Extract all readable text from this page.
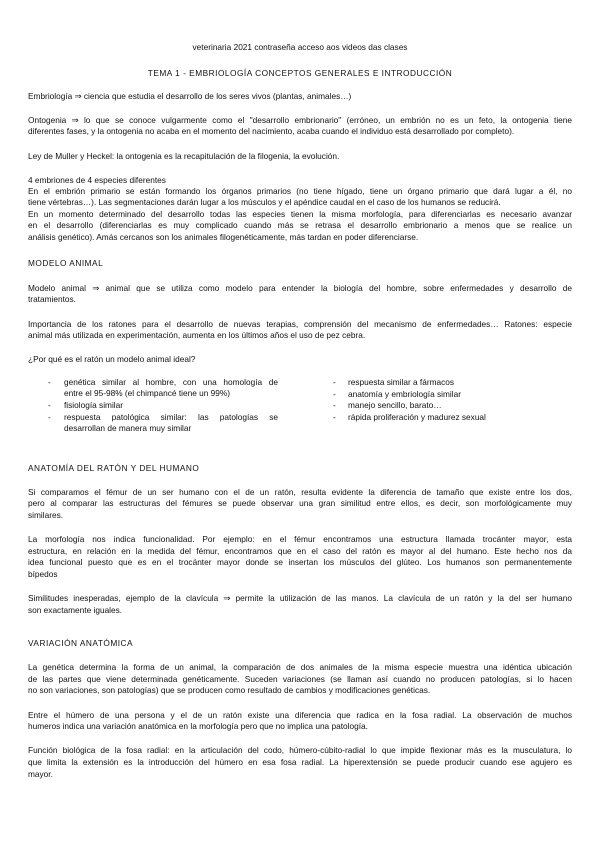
veterinaria 2021 contraseña acceso aos videos das clases
TEMA 1 - EMBRIOLOGÍA CONCEPTOS GENERALES E INTRODUCCIÓN
Embriología ⇒ ciencia que estudia el desarrollo de los seres vivos (plantas, animales…)
Ontogenia ⇒ lo que se conoce vulgarmente como el "desarrollo embrionario" (erróneo, un embrión no es un feto, la ontogenia tiene
diferentes fases, y la ontogenia no acaba en el momento del nacimiento, acaba cuando el individuo está desarrollado por completo).
Ley de Muller y Heckel: la ontogenia es la recapitulación de la filogenia, la evolución.
4 embriones de 4 especies diferentes
En el embrión primario se están formando los órganos primarios (no tiene hígado, tiene un órgano primario que dará lugar a él, no
tiene vértebras…). Las segmentaciones darán lugar a los músculos y el apéndice caudal en el caso de los humanos se reducirá.
En un momento determinado del desarrollo todas las especies tienen la misma morfología, para diferenciarlas es necesario avanzar
en el desarrollo (diferenciarlas es muy complicado cuando más se retrasa el desarrollo embrionario a menos que se realice un
análisis genético). Amás cercanos son los animales filogenéticamente, más tardan en poder diferenciarse.
MODELO ANIMAL
Modelo animal ⇒ animal que se utiliza como modelo para entender la biología del hombre, sobre enfermedades y desarrollo de
tratamientos.
Importancia de los ratones para el desarrollo de nuevas terapias, comprensión del mecanismo de enfermedades… Ratones: especie
animal más utilizada en experimentación, aumenta en los últimos años el uso de pez cebra.
¿Por qué es el ratón un modelo animal ideal?
- genética similar al hombre, con una homología de
entre el 95-98% (el chimpancé tiene un 99%)
- fisiología similar
- respuesta patológica similar: las patologías se
desarrollan de manera muy similar
- respuesta similar a fármacos
- anatomía y embriología similar
- manejo sencillo, barato…
- rápida proliferación y madurez sexual
ANATOMÍA DEL RATÓN Y DEL HUMANO
Si comparamos el fémur de un ser humano con el de un ratón, resulta evidente la diferencia de tamaño que existe entre los dos,
pero al comparar las estructuras del fémures se puede observar una gran similitud entre ellos, es decir, son morfológicamente muy
similares.
La morfología nos indica funcionalidad. Por ejemplo: en el fémur encontramos una estructura llamada trocánter mayor, esta
estructura, en relación en la medida del fémur, encontramos que en el caso del ratón es mayor al del humano. Este hecho nos da
idea funcional puesto que es en el trocánter mayor donde se insertan los músculos del glúteo. Los humanos son permanentemente
bípedos
Similitudes inesperadas, ejemplo de la clavícula ⇒ permite la utilización de las manos. La clavícula de un ratón y la del ser humano
son exactamente iguales.
VARIACIÓN ANATÓMICA
La genética determina la forma de un animal, la comparación de dos animales de la misma especie muestra una idéntica ubicación
de las partes que viene determinada genéticamente. Suceden variaciones (se llaman así cuando no producen patologías, si lo hacen
no son variaciones, son patologías) que se producen como resultado de cambios y modificaciones genéticas.
Entre el húmero de una persona y el de un ratón existe una diferencia que radica en la fosa radial. La observación de muchos
humeros indica una variación anatómica en la morfología pero que no implica una patología.
Función biológica de la fosa radial: en la articulación del codo, húmero-cúbito-radial lo que impide flexionar más es la musculatura, lo
que limita la extensión es la introducción del húmero en esa fosa radial. La hiperextensión se puede producir cuando ese agujero es
mayor.
